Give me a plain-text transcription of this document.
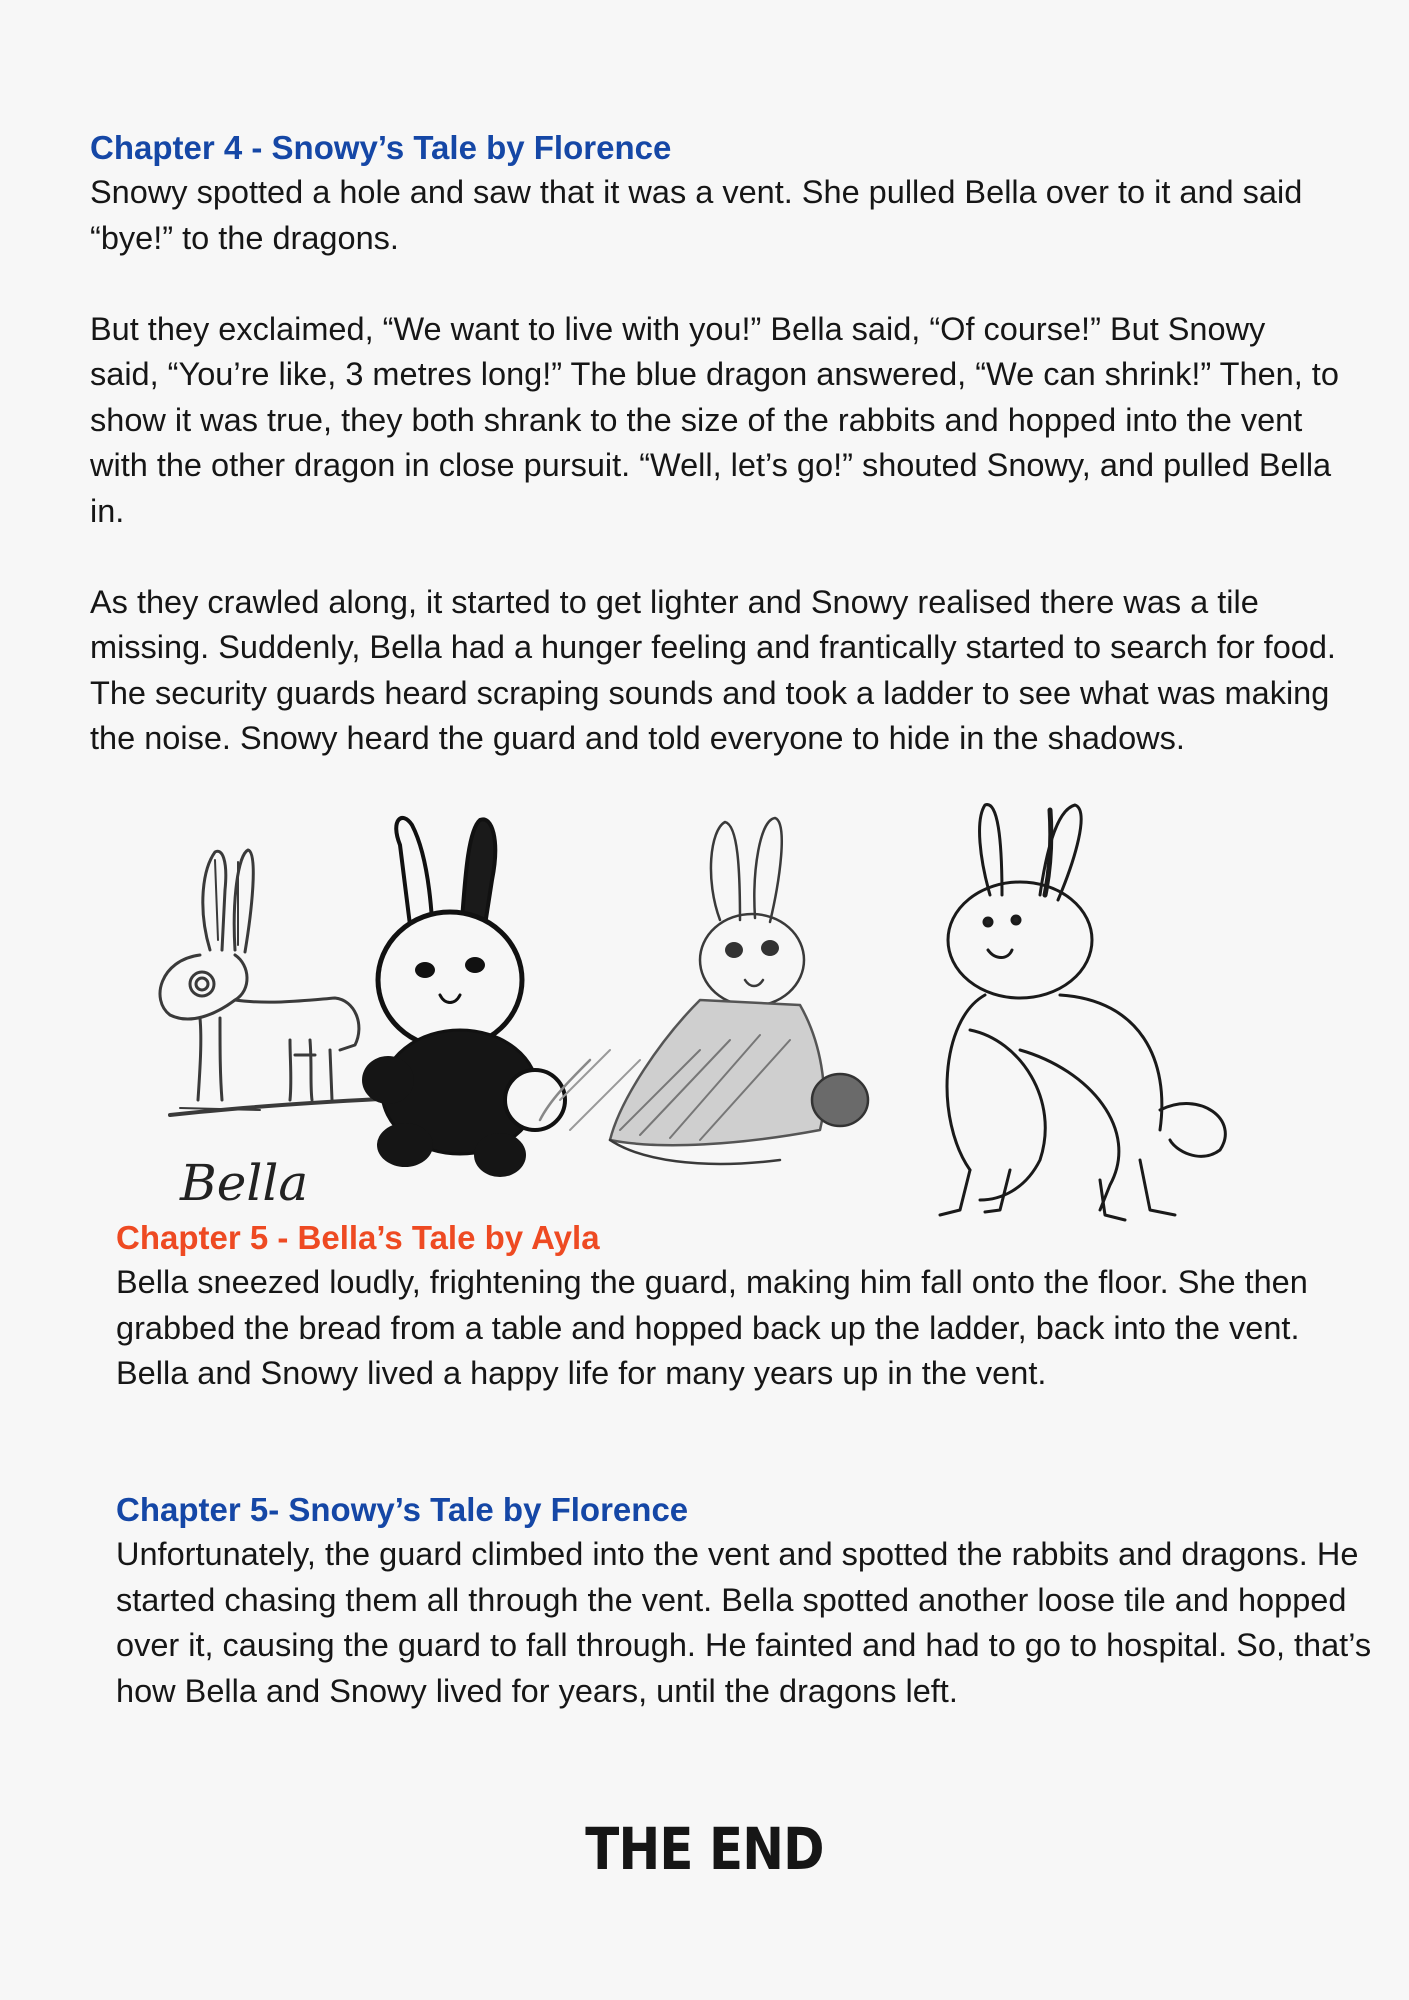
Chapter 4 - Snowy’s Tale by Florence

Snowy spotted a hole and saw that it was a vent. She pulled Bella over to it and said “bye!” to the dragons.

But they exclaimed, “We want to live with you!” Bella said, “Of course!” But Snowy said, “You’re like, 3 metres long!” The blue dragon answered, “We can shrink!” Then, to show it was true, they both shrank to the size of the rabbits and hopped into the vent with the other dragon in close pursuit. “Well, let’s go!” shouted Snowy, and pulled Bella in.

As they crawled along, it started to get lighter and Snowy realised there was a tile missing. Suddenly, Bella had a hunger feeling and frantically started to search for food. The security guards heard scraping sounds and took a ladder to see what was making the noise. Snowy heard the guard and told everyone to hide in the shadows.

Bella

Chapter 5 - Bella’s Tale by Ayla

Bella sneezed loudly, frightening the guard, making him fall onto the floor. She then grabbed the bread from a table and hopped back up the ladder, back into the vent. Bella and Snowy lived a happy life for many years up in the vent.

Chapter 5- Snowy’s Tale by Florence

Unfortunately, the guard climbed into the vent and spotted the rabbits and dragons. He started chasing them all through the vent. Bella spotted another loose tile and hopped over it, causing the guard to fall through. He fainted and had to go to hospital. So, that’s how Bella and Snowy lived for years, until the dragons left.

THE END
